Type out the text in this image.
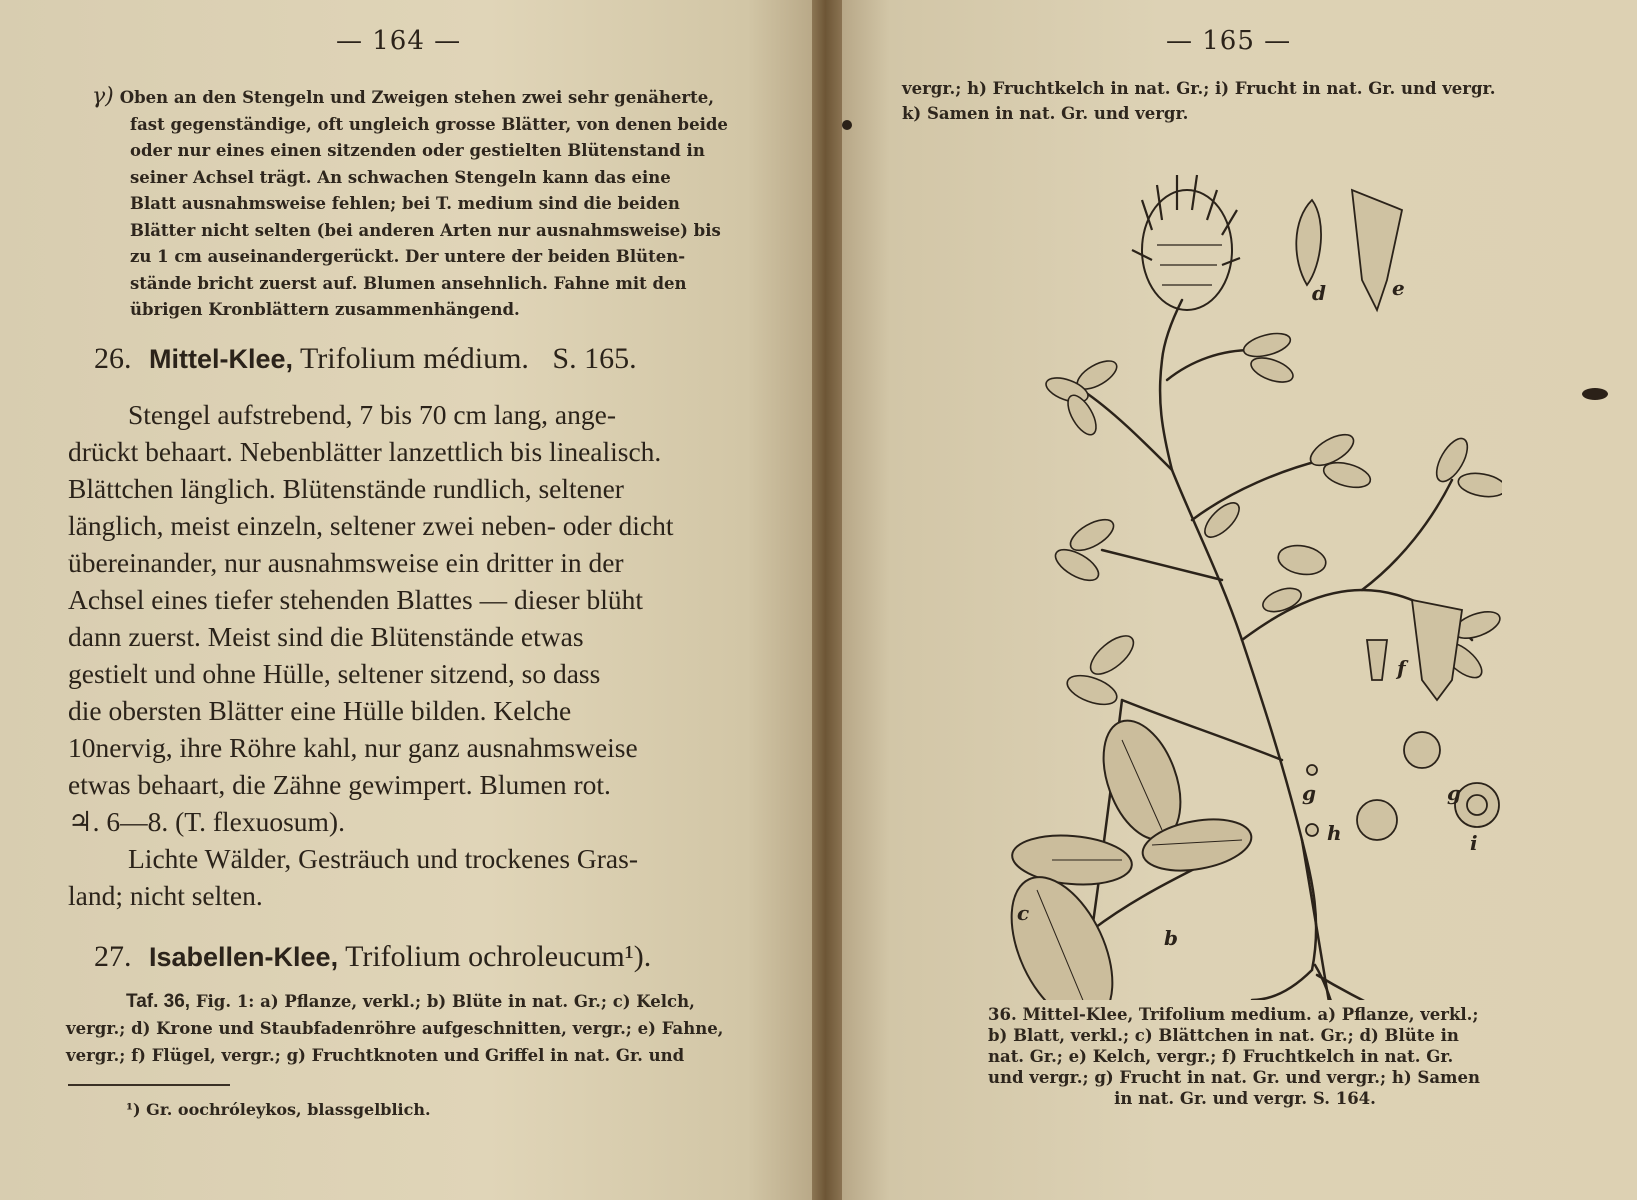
— 164 —
γ) Oben an den Stengeln und Zweigen stehen zwei sehr genäherte,
fast gegenständige, oft ungleich grosse Blätter, von denen beide
oder nur eines einen sitzenden oder gestielten Blütenstand in
seiner Achsel trägt. An schwachen Stengeln kann das eine
Blatt ausnahmsweise fehlen; bei T. medium sind die beiden
Blätter nicht selten (bei anderen Arten nur ausnahmsweise) bis
zu 1 cm auseinandergerückt. Der untere der beiden Blüten-
stände bricht zuerst auf. Blumen ansehnlich. Fahne mit den
übrigen Kronblättern zusammenhängend.
26. Mittel-Klee, Trifolium médium. S. 165.

Stengel aufstrebend, 7 bis 70 cm lang, ange-

drückt behaart. Nebenblätter lanzettlich bis linealisch.

Blättchen länglich. Blütenstände rundlich, seltener

länglich, meist einzeln, seltener zwei neben- oder dicht

übereinander, nur ausnahmsweise ein dritter in der

Achsel eines tiefer stehenden Blattes — dieser blüht

dann zuerst. Meist sind die Blütenstände etwas

gestielt und ohne Hülle, seltener sitzend, so dass

die obersten Blätter eine Hülle bilden. Kelche

10nervig, ihre Röhre kahl, nur ganz ausnahmsweise

etwas behaart, die Zähne gewimpert. Blumen rot.

♃. 6—8. (T. flexuosum).

Lichte Wälder, Gesträuch und trockenes Gras-

land; nicht selten.

27. Isabellen-Klee, Trifolium ochroleucum¹).
Taf. 36, Fig. 1: a) Pflanze, verkl.; b) Blüte in nat. Gr.; c) Kelch,
vergr.; d) Krone und Staubfadenröhre aufgeschnitten, vergr.; e) Fahne,
vergr.; f) Flügel, vergr.; g) Fruchtknoten und Griffel in nat. Gr. und
¹) Gr. oochróleykos, blassgelblich.
— 165 —
vergr.; h) Fruchtkelch in nat. Gr.; i) Frucht in nat. Gr. und vergr.
k) Samen in nat. Gr. und vergr.
b
c
d	e
f
g	g
h	i
36. Mittel-Klee, Trifolium medium. a) Pflanze, verkl.;
b) Blatt, verkl.; c) Blättchen in nat. Gr.; d) Blüte in
nat. Gr.; e) Kelch, vergr.; f) Fruchtkelch in nat. Gr.
und vergr.; g) Frucht in nat. Gr. und vergr.; h) Samen
in nat. Gr. und vergr. S. 164.
